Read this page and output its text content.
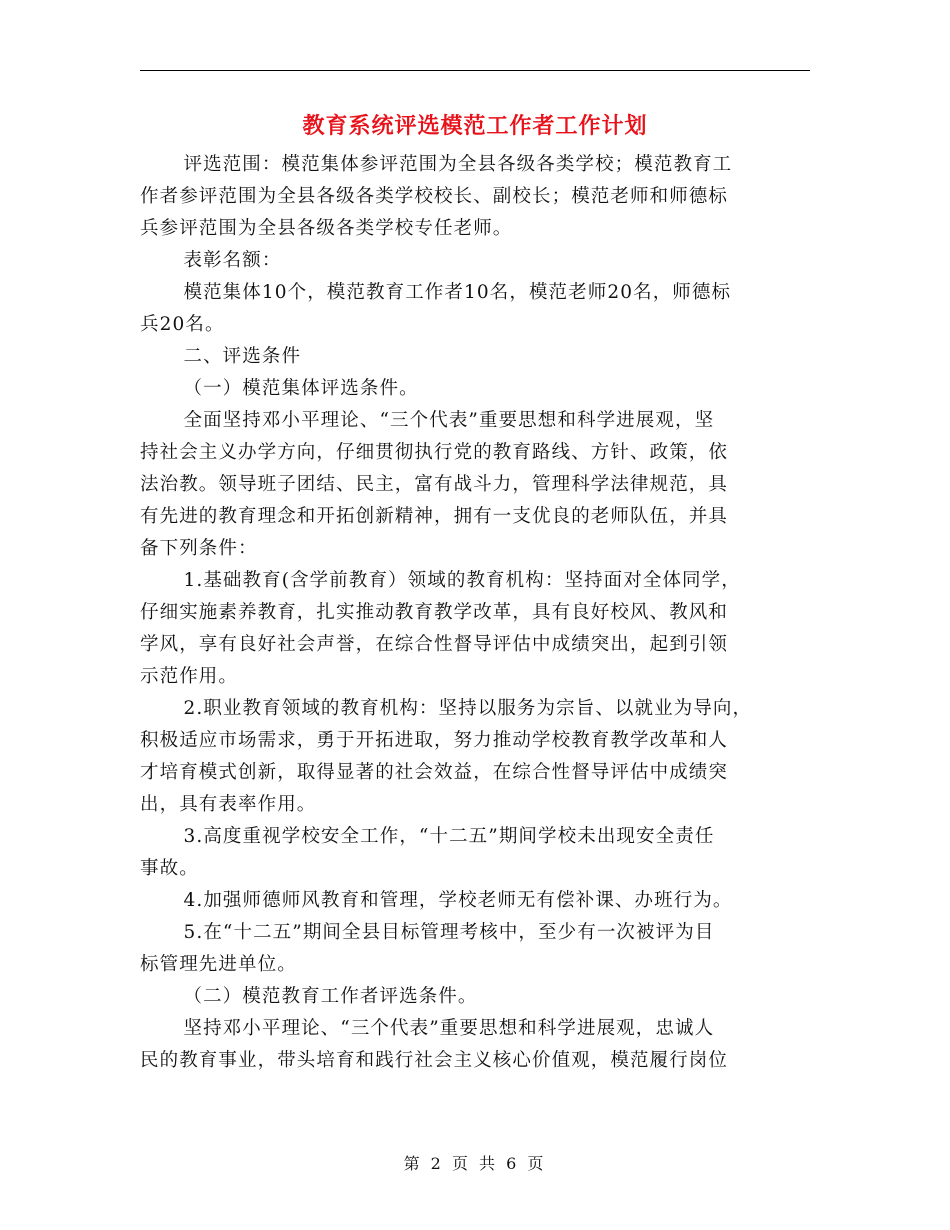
教育系统评选模范工作者工作计划

评选范围：模范集体参评范围为全县各级各类学校；模范教育工
作者参评范围为全县各级各类学校校长、副校长；模范老师和师德标
兵参评范围为全县各级各类学校专任老师。

表彰名额：

模范集体10个，模范教育工作者10名，模范老师20名，师德标
兵20名。

二、评选条件

（一）模范集体评选条件。

全面坚持邓小平理论、“三个代表”重要思想和科学进展观，坚
持社会主义办学方向，仔细贯彻执行党的教育路线、方针、政策，依
法治教。领导班子团结、民主，富有战斗力，管理科学法律规范，具
有先进的教育理念和开拓创新精神，拥有一支优良的老师队伍，并具
备下列条件：

1.基础教育(含学前教育）领域的教育机构：坚持面对全体同学，
仔细实施素养教育，扎实推动教育教学改革，具有良好校风、教风和
学风，享有良好社会声誉，在综合性督导评估中成绩突出，起到引领
示范作用。

2.职业教育领域的教育机构：坚持以服务为宗旨、以就业为导向，
积极适应市场需求，勇于开拓进取，努力推动学校教育教学改革和人
才培育模式创新，取得显著的社会效益，在综合性督导评估中成绩突
出，具有表率作用。

3.高度重视学校安全工作，“十二五”期间学校未出现安全责任
事故。

4.加强师德师风教育和管理，学校老师无有偿补课、办班行为。

5.在“十二五”期间全县目标管理考核中，至少有一次被评为目
标管理先进单位。

（二）模范教育工作者评选条件。

坚持邓小平理论、“三个代表”重要思想和科学进展观，忠诚人
民的教育事业，带头培育和践行社会主义核心价值观，模范履行岗位

第 2 页 共 6 页
